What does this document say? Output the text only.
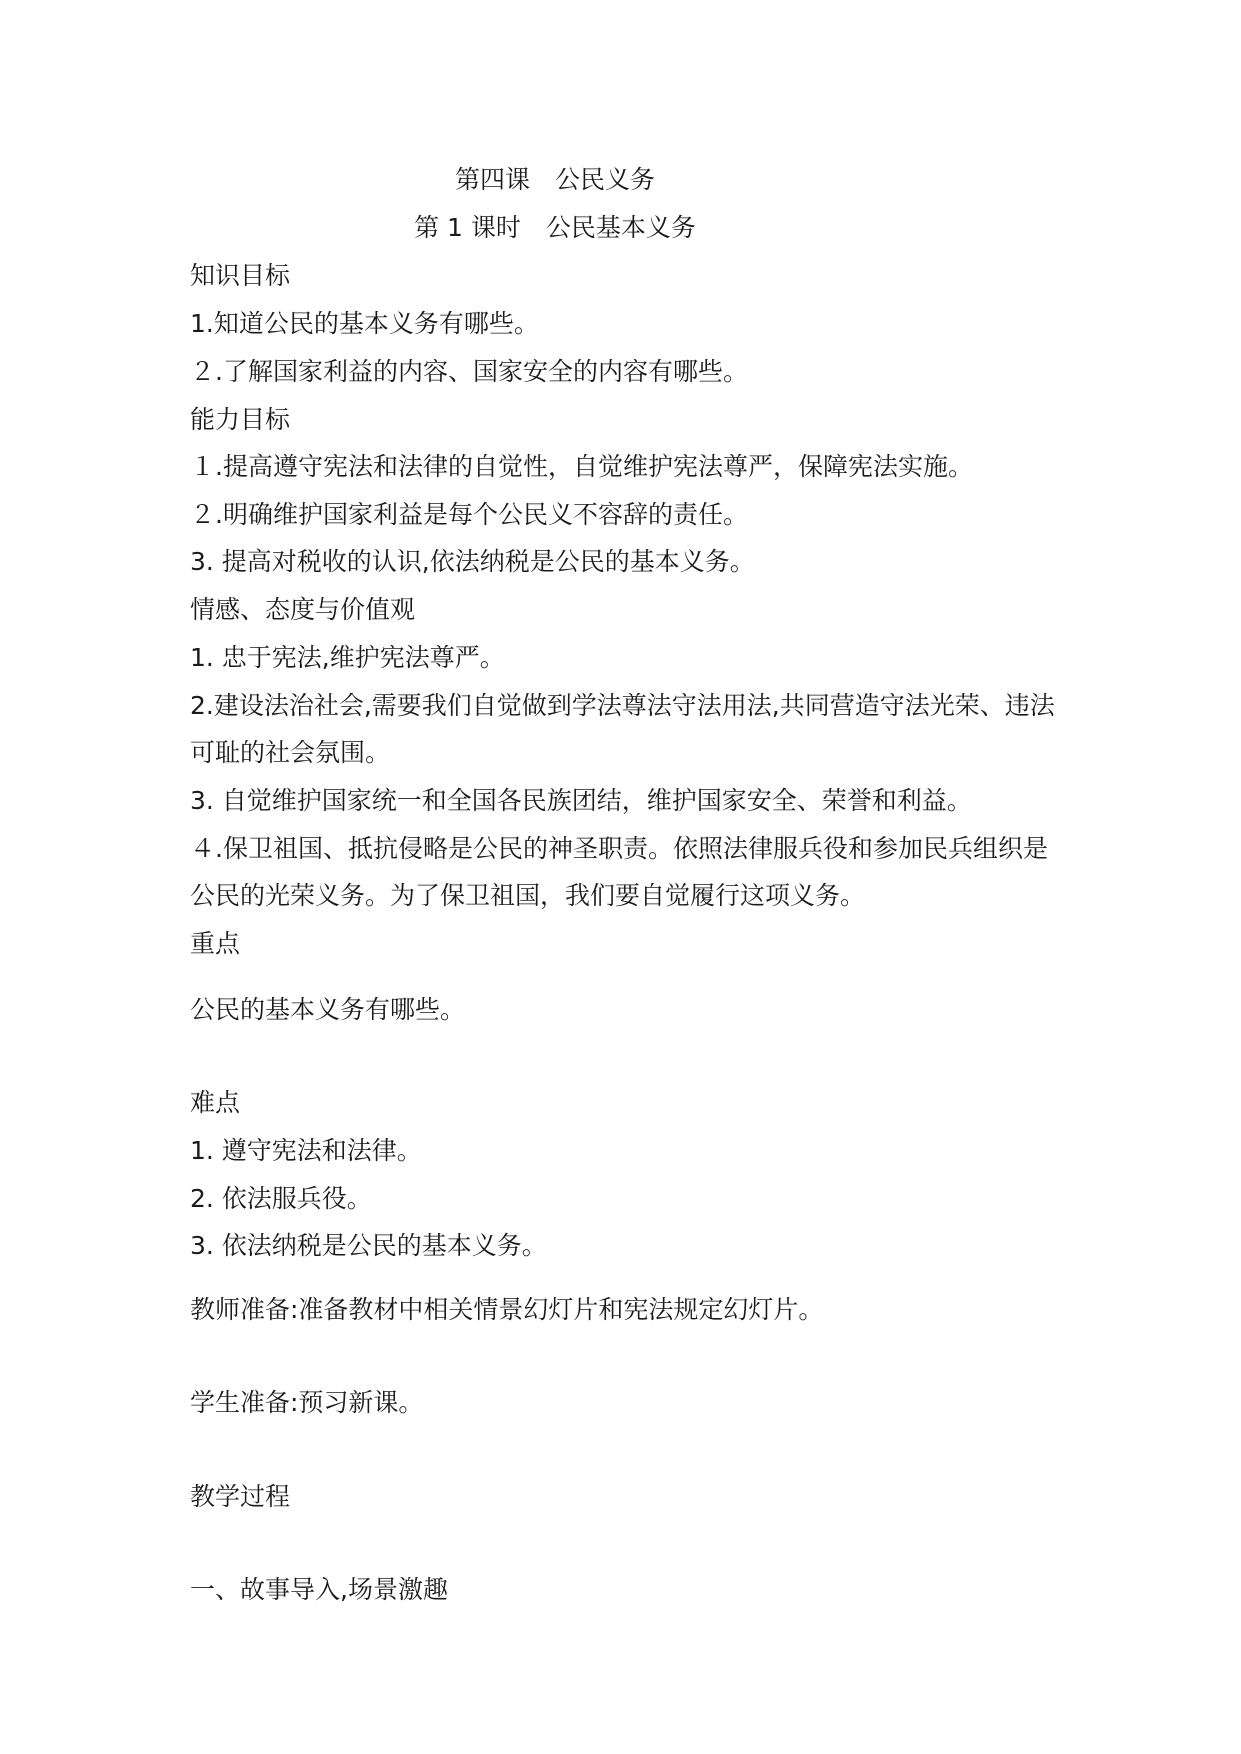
第四课　公民义务

第 1 课时　公民基本义务

知识目标

1.知道公民的基本义务有哪些。

２.了解国家利益的内容、国家安全的内容有哪些。

能力目标

１.提高遵守宪法和法律的自觉性，自觉维护宪法尊严，保障宪法实施。

２.明确维护国家利益是每个公民义不容辞的责任。

3. 提高对税收的认识,依法纳税是公民的基本义务。

情感、态度与价值观

1. 忠于宪法,维护宪法尊严。

2.建设法治社会,需要我们自觉做到学法尊法守法用法,共同营造守法光荣、违法

可耻的社会氛围。

3. 自觉维护国家统一和全国各民族团结，维护国家安全、荣誉和利益。

４.保卫祖国、抵抗侵略是公民的神圣职责。依照法律服兵役和参加民兵组织是

公民的光荣义务。为了保卫祖国，我们要自觉履行这项义务。

重点

公民的基本义务有哪些。

难点

1. 遵守宪法和法律。

2. 依法服兵役。

3. 依法纳税是公民的基本义务。

教师准备:准备教材中相关情景幻灯片和宪法规定幻灯片。

学生准备:预习新课。

教学过程

一、故事导入,场景激趣
